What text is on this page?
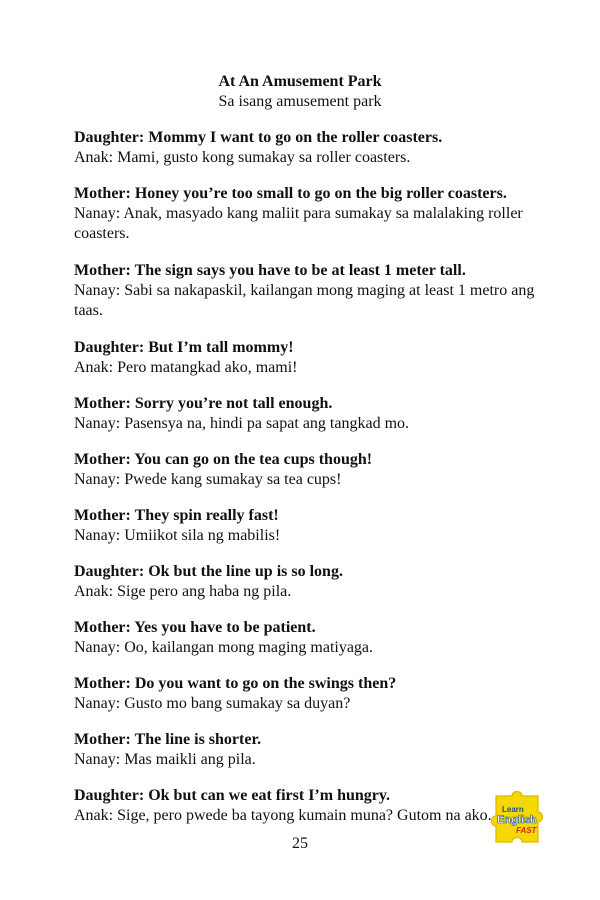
At An Amusement Park
Sa isang amusement park
Daughter: Mommy I want to go on the roller coasters.
Anak: Mami, gusto kong sumakay sa roller coasters.
Mother: Honey you’re too small to go on the big roller coasters.
Nanay: Anak, masyado kang maliit para sumakay sa malalaking roller coasters.
Mother: The sign says you have to be at least 1 meter tall.
Nanay: Sabi sa nakapaskil, kailangan mong maging at least 1 metro ang taas.
Daughter: But I’m tall mommy!
Anak: Pero matangkad ako, mami!
Mother: Sorry you’re not tall enough.
Nanay: Pasensya na, hindi pa sapat ang tangkad mo.
Mother: You can go on the tea cups though!
Nanay: Pwede kang sumakay sa tea cups!
Mother: They spin really fast!
Nanay: Umiikot sila ng mabilis!
Daughter: Ok but the line up is so long.
Anak: Sige pero ang haba ng pila.
Mother: Yes you have to be patient.
Nanay: Oo, kailangan mong maging matiyaga.
Mother: Do you want to go on the swings then?
Nanay: Gusto mo bang sumakay sa duyan?
Mother: The line is shorter.
Nanay: Mas maikli ang pila.
Daughter: Ok but can we eat first I’m hungry.
Anak: Sige, pero pwede ba tayong kumain muna? Gutom na ako.	Learn
English
FAST
25
